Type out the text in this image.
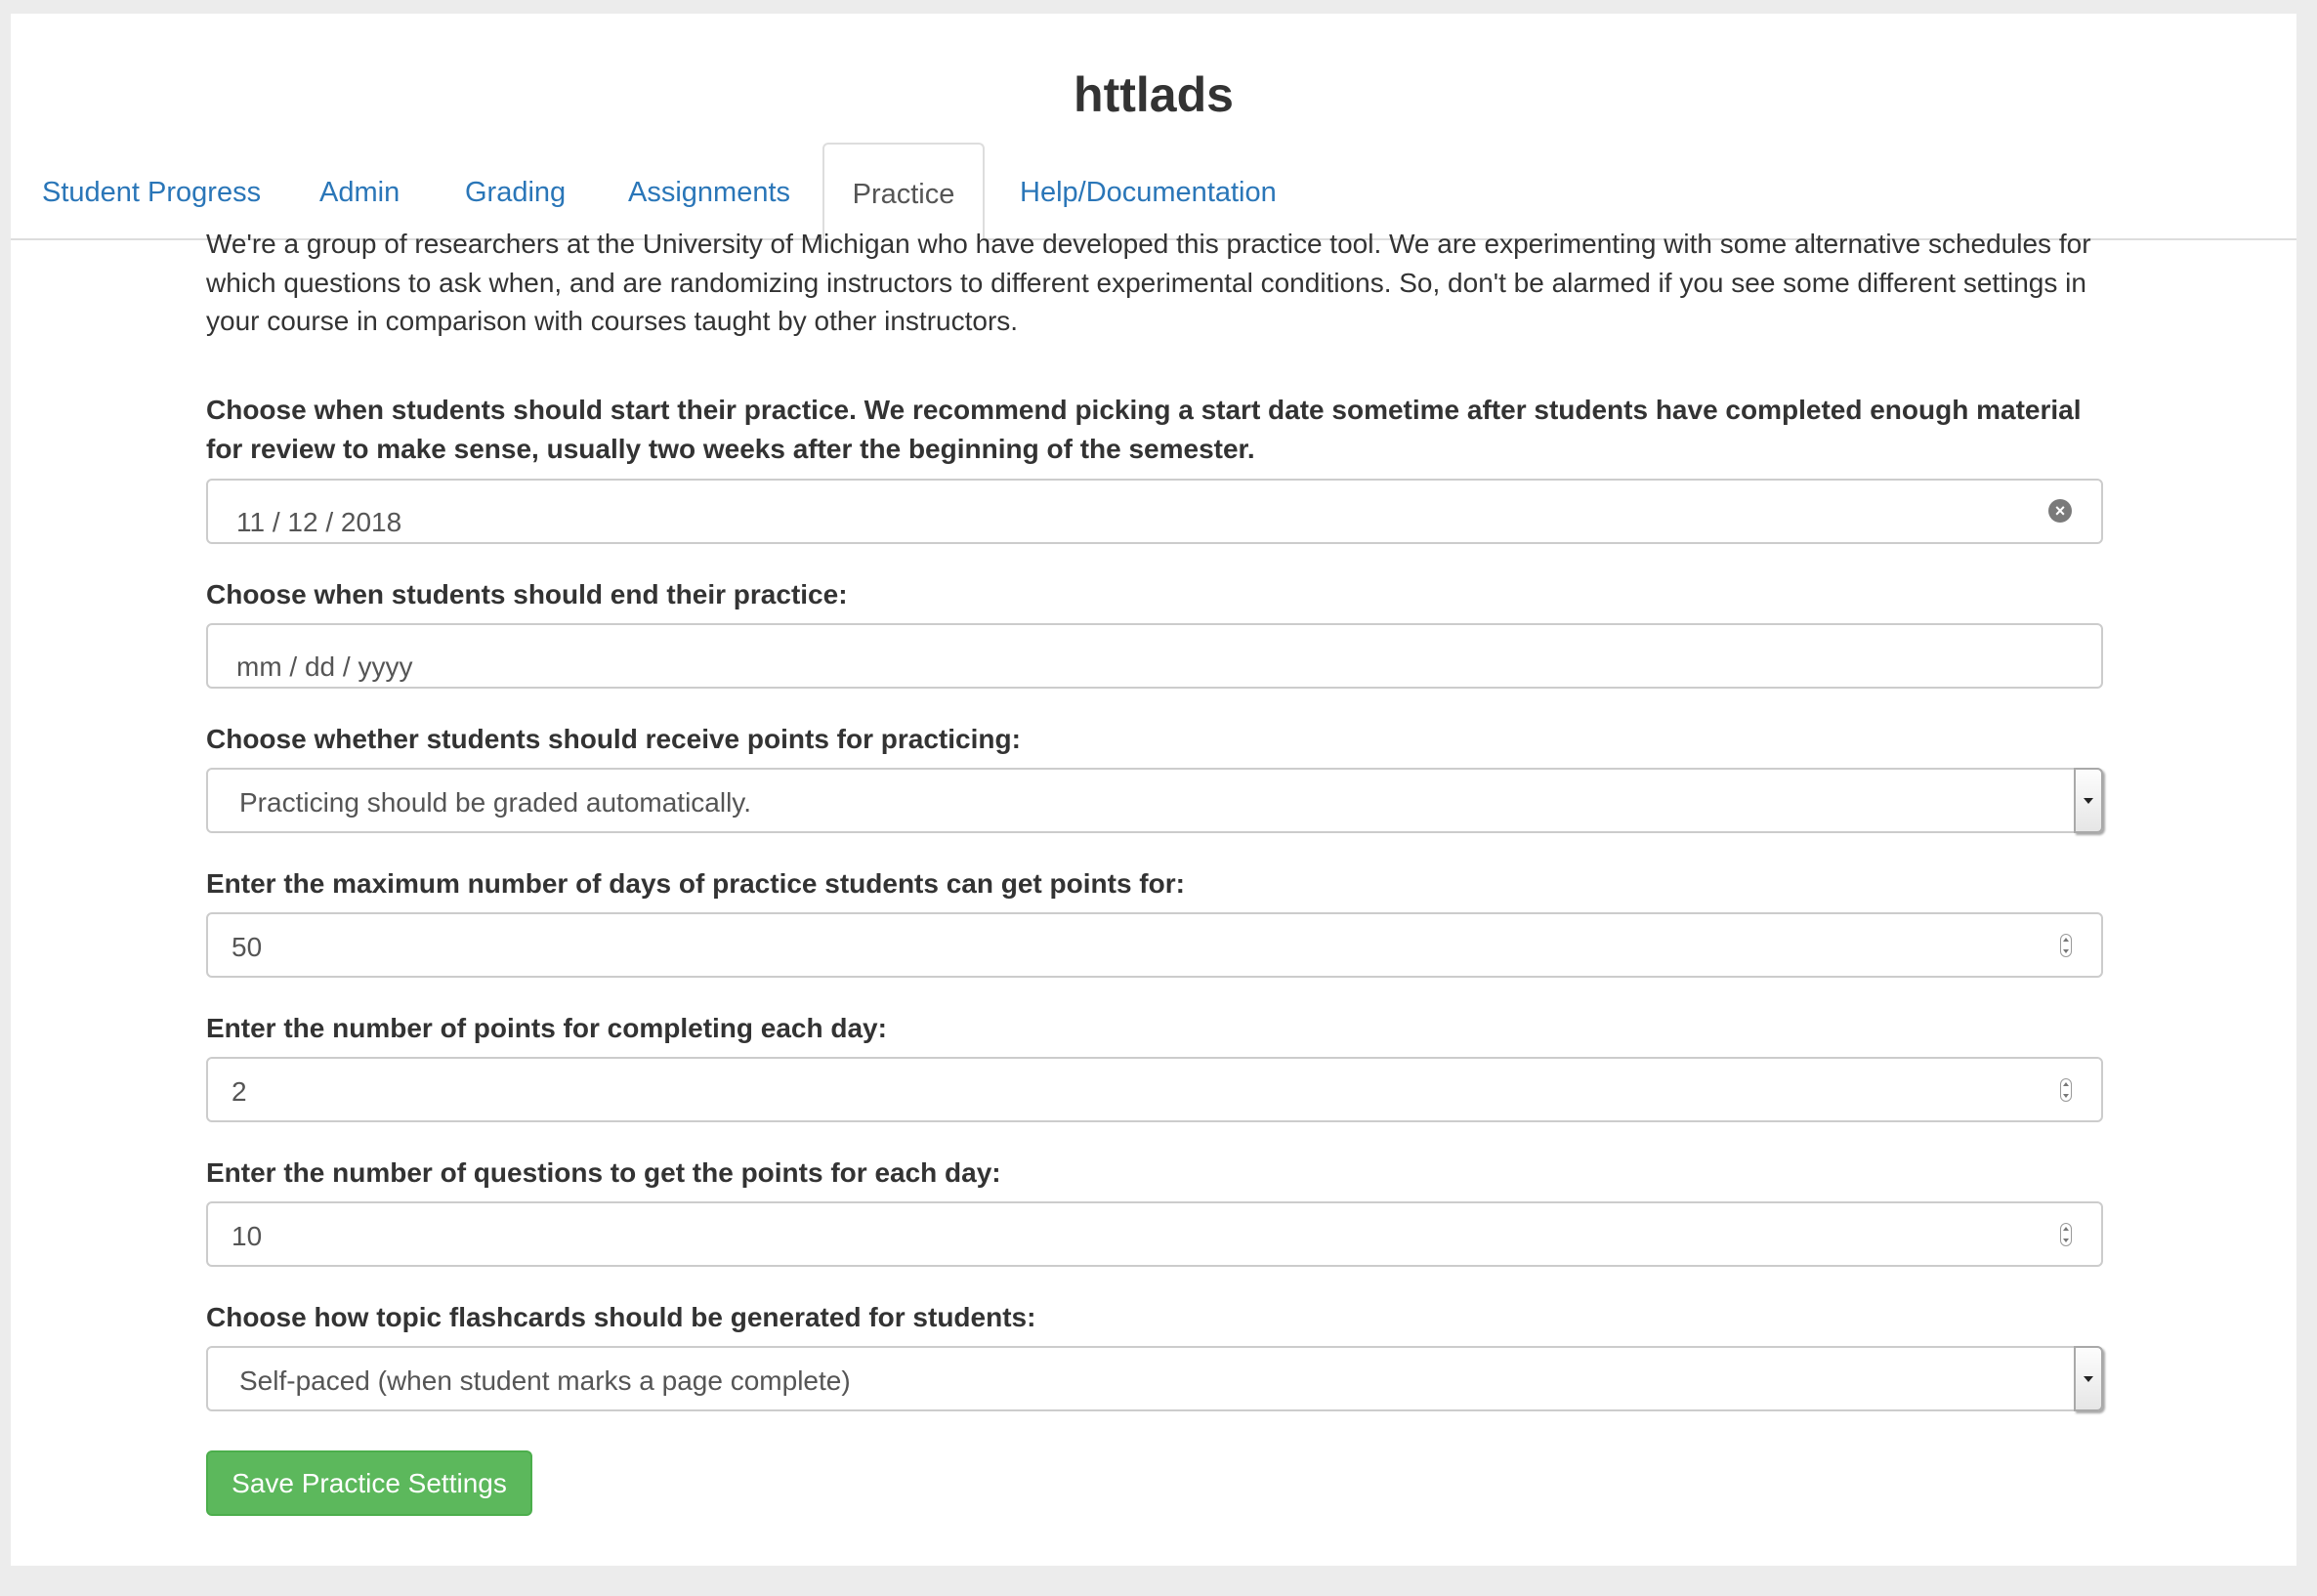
httlads
Student Progress Admin Grading Assignments	Practice	Help/Documentation
We're a group of researchers at the University of Michigan who have developed this practice tool. We are experimenting with some alternative schedules for which questions to ask when, and are randomizing instructors to different experimental conditions. So, don't be alarmed if you see some different settings in your course in comparison with courses taught by other instructors.
Choose when students should start their practice. We recommend picking a start date sometime after students have completed enough material for review to make sense, usually two weeks after the beginning of the semester.
11 / 12 / 2018	×
Choose when students should end their practice:
mm / dd / yyyy
Choose whether students should receive points for practicing:
Practicing should be graded automatically.
Enter the maximum number of days of practice students can get points for:
50
Enter the number of points for completing each day:
2
Enter the number of questions to get the points for each day:
10
Choose how topic flashcards should be generated for students:
Self-paced (when student marks a page complete)
Save Practice Settings
